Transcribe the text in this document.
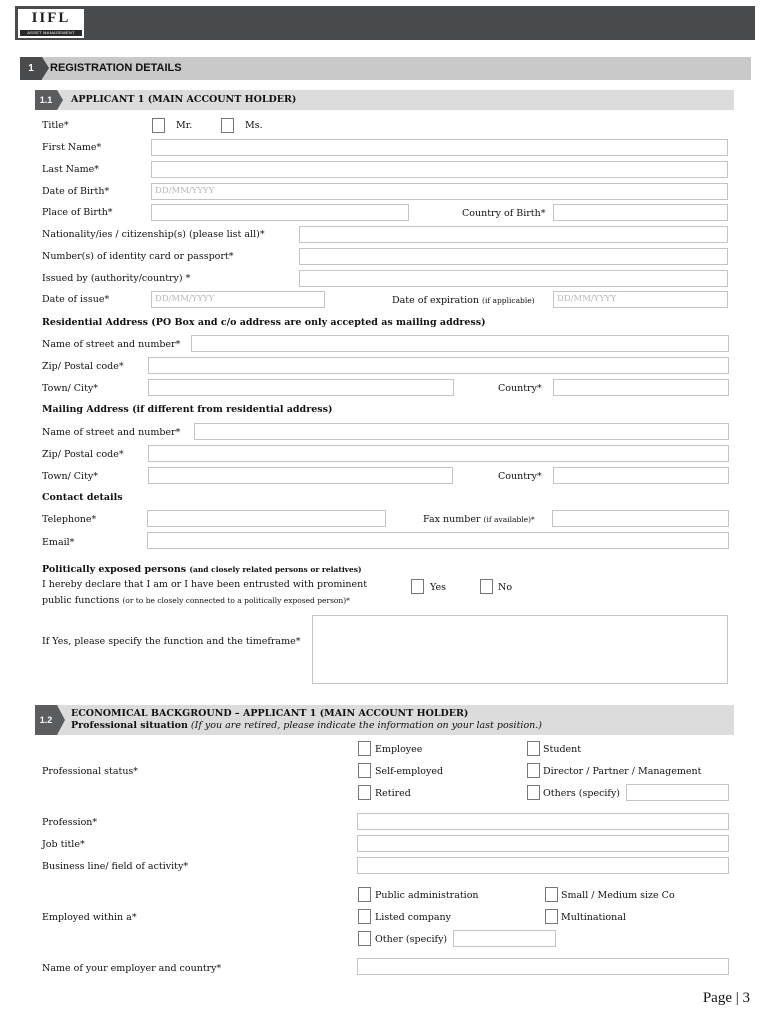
IIFL
ASSET MANAGEMENT
1	REGISTRATION DETAILS
1.1	APPLICANT 1 (MAIN ACCOUNT HOLDER)
Title*	Mr.	Ms.
First Name*
Last Name*
Date of Birth*	DD/MM/YYYY
Place of Birth*	Country of Birth*
Nationality/ies / citizenship(s) (please list all)*
Number(s) of identity card or passport*
Issued by (authority/country) *
Date of issue*	DD/MM/YYYY	Date of expiration (if applicable)	DD/MM/YYYY
Residential Address (PO Box and c/o address are only accepted as mailing address)
Name of street and number*
Zip/ Postal code*
Town/ City*	Country*
Mailing Address (if different from residential address)
Name of street and number*
Zip/ Postal code*
Town/ City*	Country*
Contact details
Telephone*	Fax number (if available)*
Email*
Politically exposed persons (and closely related persons or relatives)
I hereby declare that I am or I have been entrusted with prominent
public functions (or to be closely connected to a politically exposed person)*
Yes	No
If Yes, please specify the function and the timeframe*
1.2
ECONOMICAL BACKGROUND – APPLICANT 1 (MAIN ACCOUNT HOLDER)
Professional situation (If you are retired, please indicate the information on your last position.)
Professional status*
Employee	Student
Self-employed	Director / Partner / Management
Retired	Others (specify)
Profession*
Job title*
Business line/ field of activity*
Employed within a*
Public administration	Small / Medium size Co
Listed company	Multinational
Other (specify)
Name of your employer and country*
Page | 3
